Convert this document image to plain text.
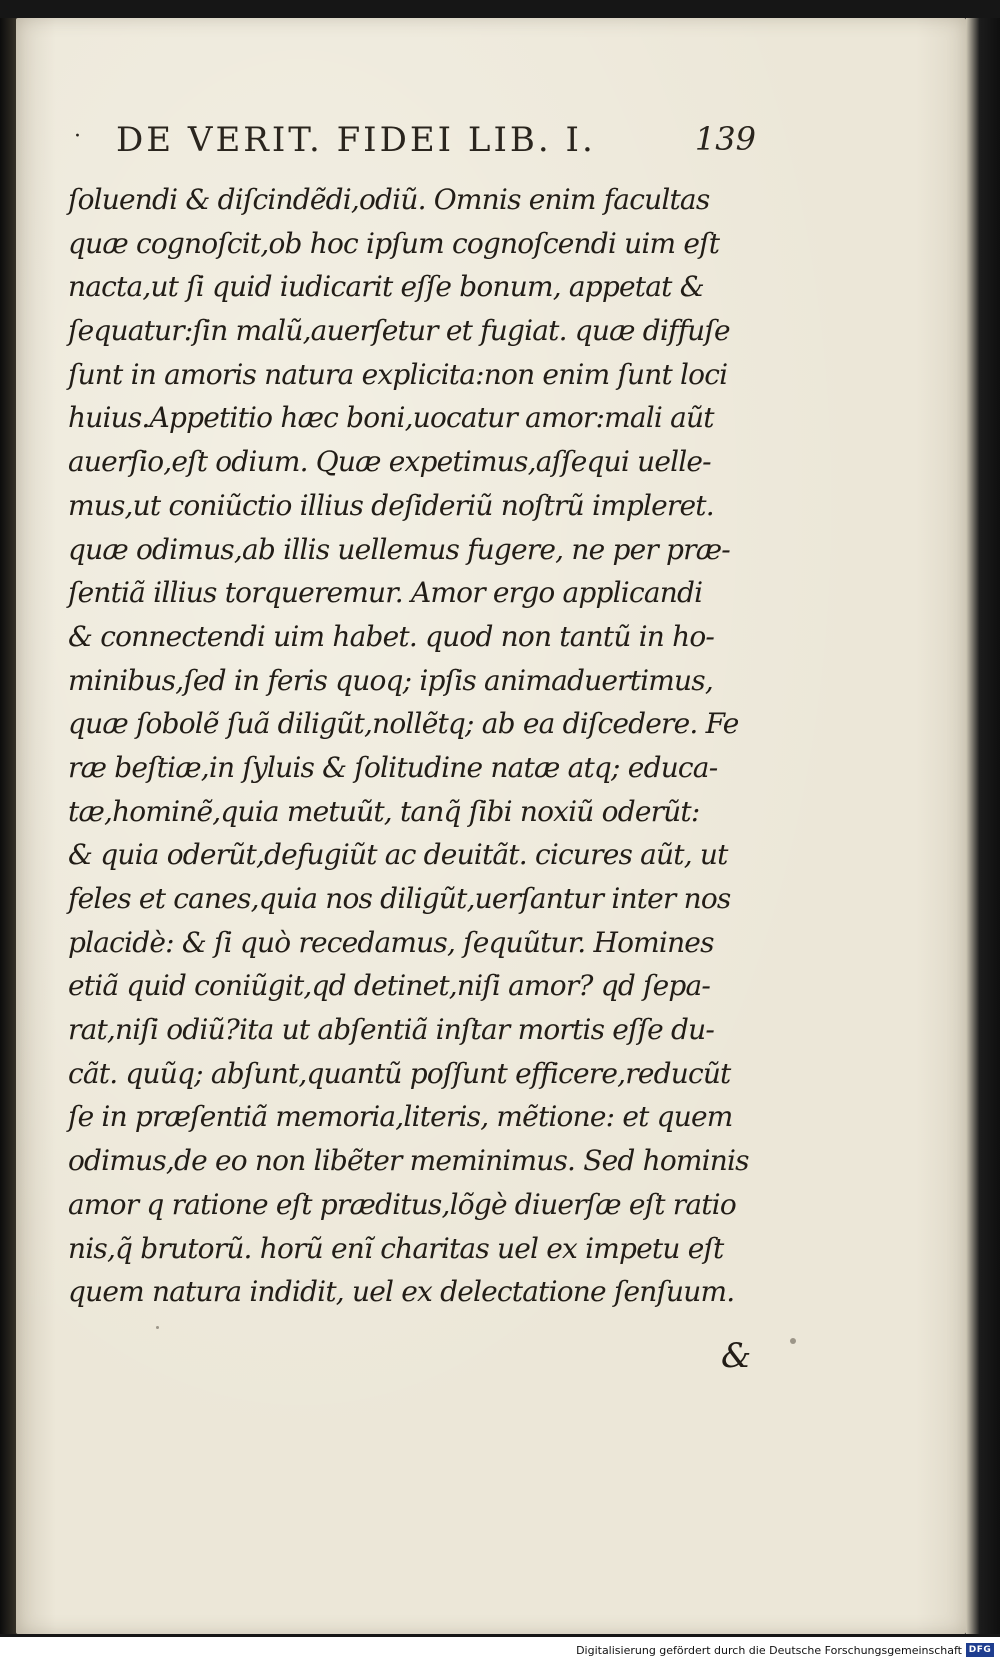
· DE VERIT. FIDEI LIB. I.	139
ſoluendi & diſcindẽdi,odiũ. Omnis enim facultas
quæ cognoſcit,ob hoc ipſum cognoſcendi uim eſt
nacta,ut ſi quid iudicarit eſſe bonum, appetat &
ſequatur:ſin malũ,auerſetur et fugiat. quæ diffuſe
ſunt in amoris natura explicita:non enim ſunt loci
huius.Appetitio hæc boni,uocatur amor:mali aũt
auerſio,eſt odium. Quæ expetimus,aſſequi uelle-
mus,ut coniũctio illius deſideriũ noſtrũ impleret.
quæ odimus,ab illis uellemus fugere, ne per præ-
ſentiã illius torqueremur. Amor ergo applicandi
& connectendi uim habet. quod non tantũ in ho-
minibus,ſed in feris quoq; ipſis animaduertimus,
quæ ſobolẽ ſuã diligũt,nollẽtq; ab ea diſcedere. Fe
ræ beſtiæ,in ſyluis & ſolitudine natæ atq; educa-
tæ,hominẽ,quia metuũt, tanq̃ ſibi noxiũ oderũt:
& quia oderũt,defugiũt ac deuitãt. cicures aũt, ut
feles et canes,quia nos diligũt,uerſantur inter nos
placidè: & ſi quò recedamus, ſequũtur. Homines
etiã quid coniũgit,qd detinet,niſi amor? qd ſepa-
rat,niſi odiũ?ita ut abſentiã inſtar mortis eſſe du-
cãt. quũq; abſunt,quantũ poſſunt efficere,reducũt
ſe in præſentiã memoria,literis, mẽtione: et quem
odimus,de eo non libẽter meminimus. Sed hominis
amor q ratione eſt præditus,lõgè diuerſæ eſt ratio
nis,q̃ brutorũ. horũ enĩ charitas uel ex impetu eſt
quem natura indidit, uel ex delectatione ſenſuum.
&
Digitalisierung gefördert durch die Deutsche Forschungsgemeinschaft DFG
